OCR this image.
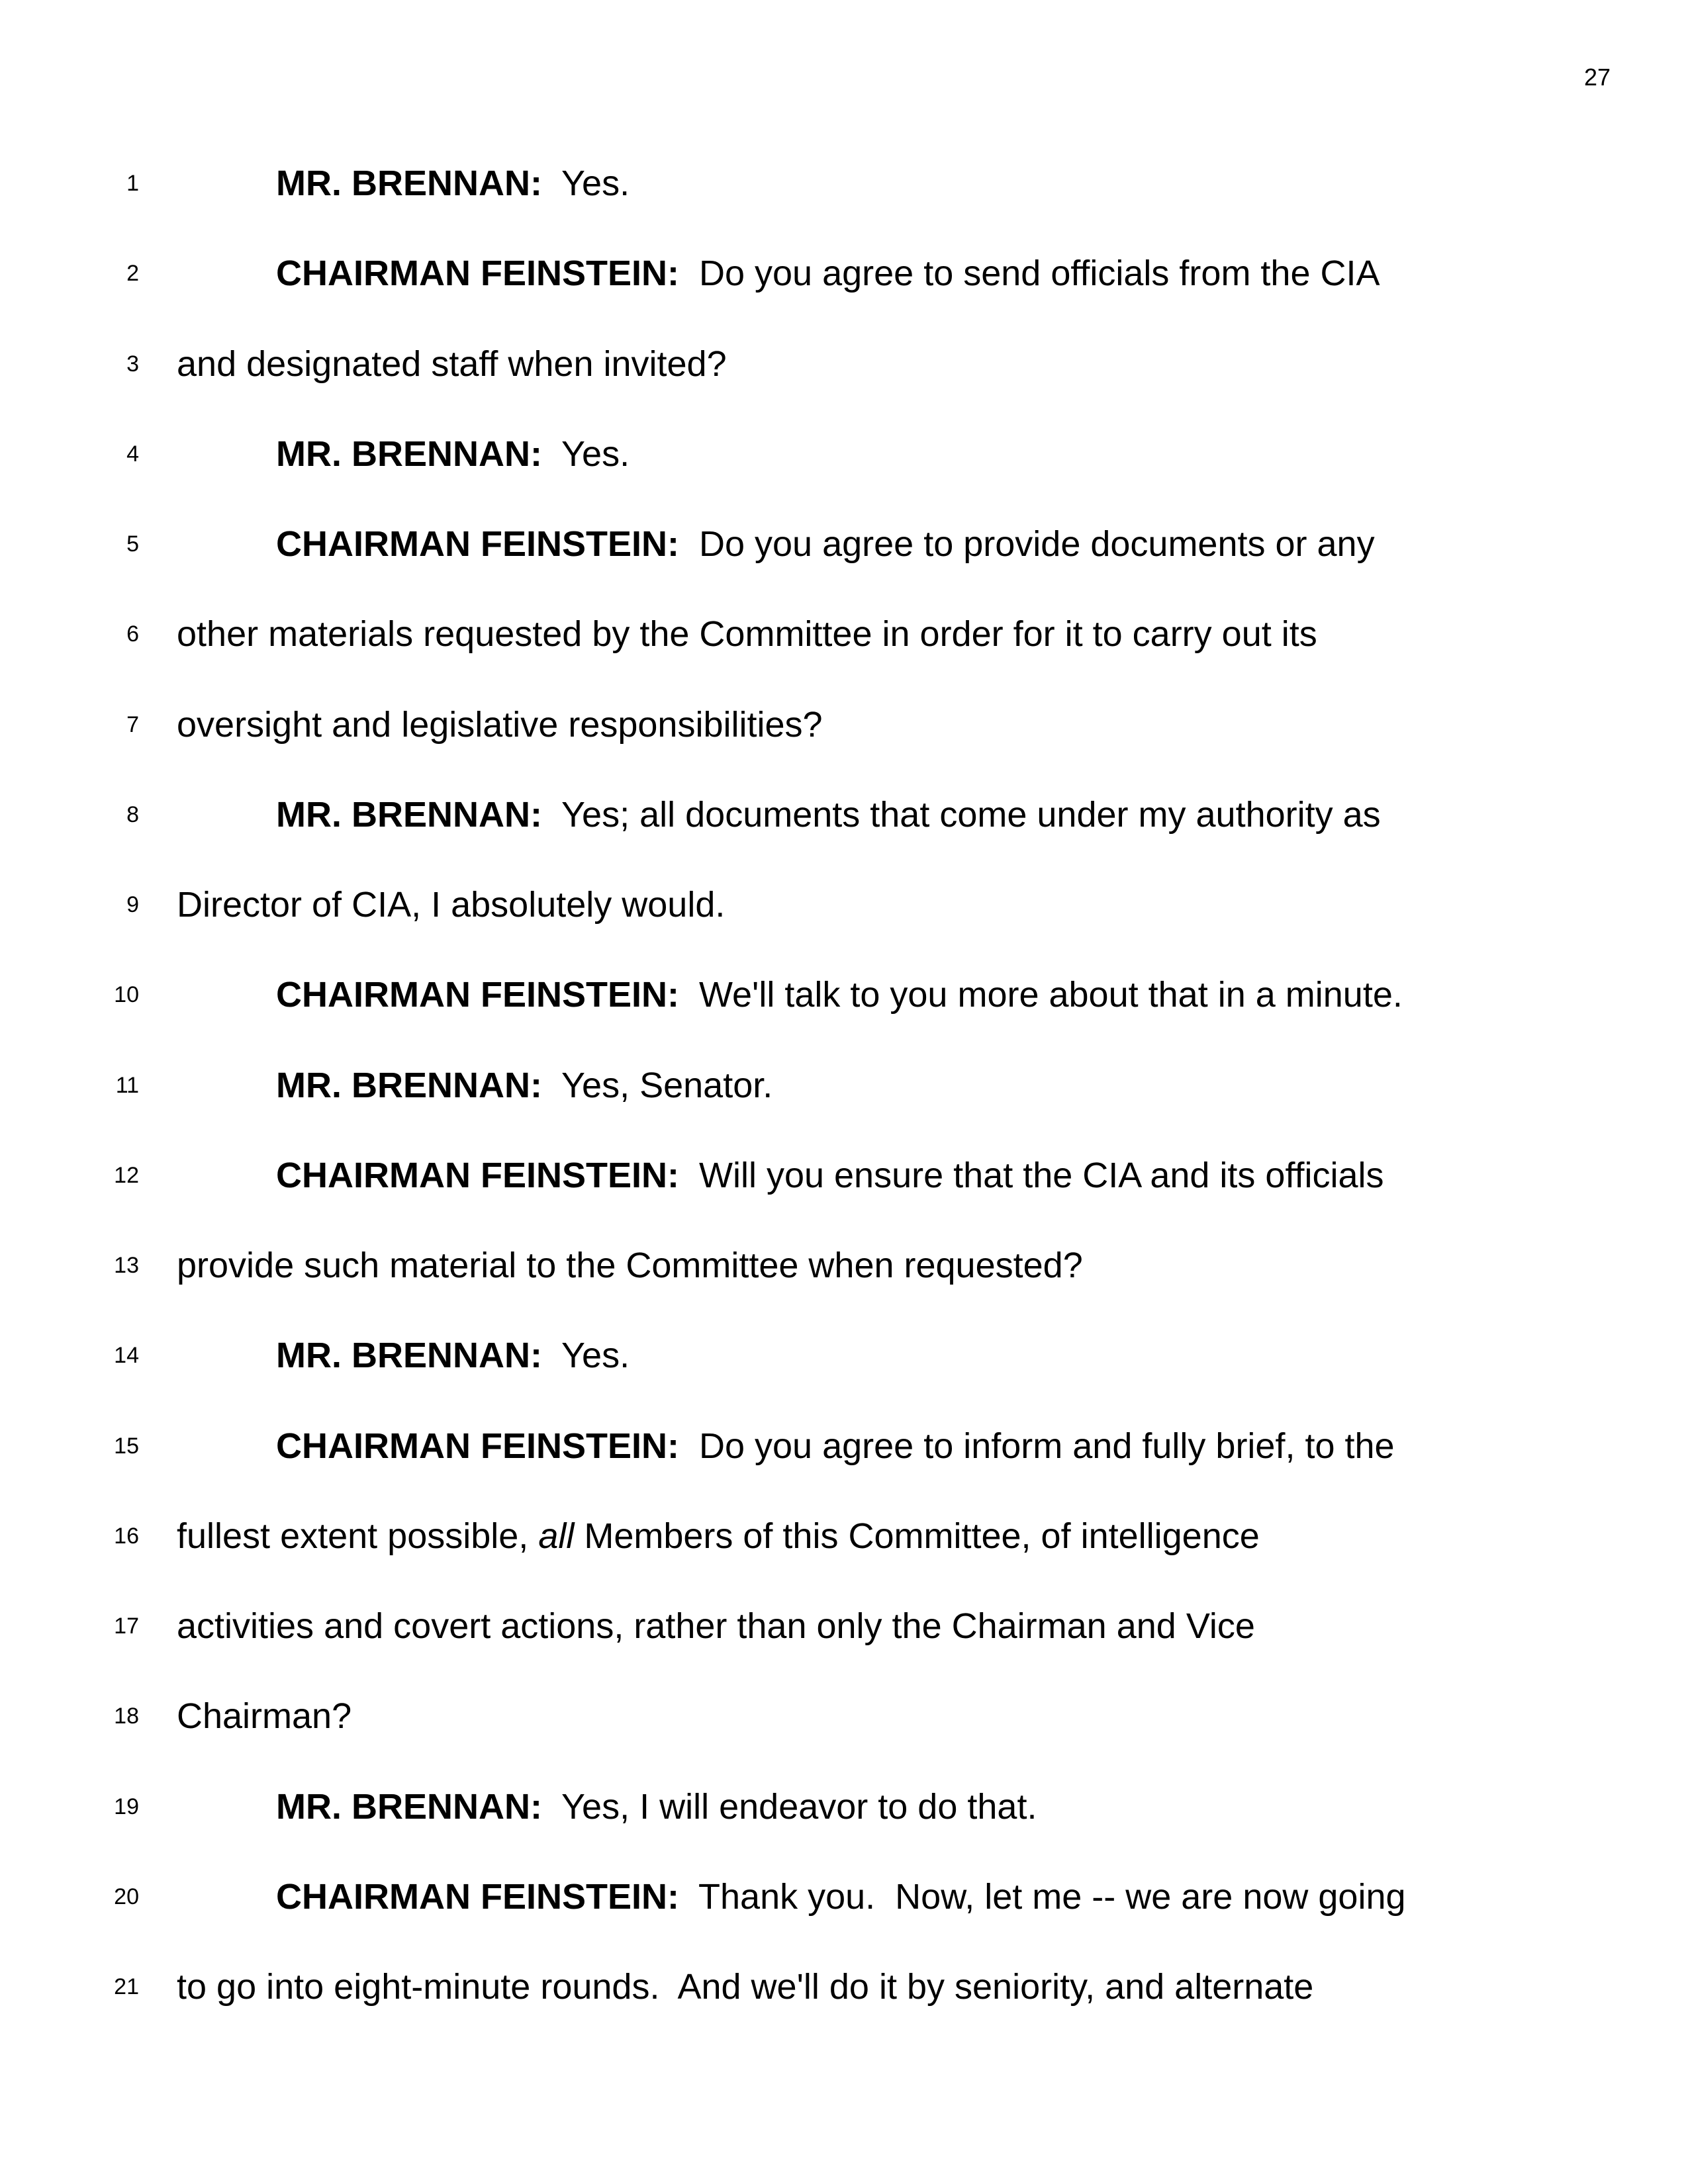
27
1	MR. BRENNAN:  Yes.
2	CHAIRMAN FEINSTEIN:  Do you agree to send officials from the CIA
3 and designated staff when invited?
4	MR. BRENNAN:  Yes.
5	CHAIRMAN FEINSTEIN:  Do you agree to provide documents or any
6 other materials requested by the Committee in order for it to carry out its
7 oversight and legislative responsibilities?
8	MR. BRENNAN:  Yes; all documents that come under my authority as
9 Director of CIA, I absolutely would.
10	CHAIRMAN FEINSTEIN:  We'll talk to you more about that in a minute.
11	MR. BRENNAN:  Yes, Senator.
12	CHAIRMAN FEINSTEIN:  Will you ensure that the CIA and its officials
13 provide such material to the Committee when requested?
14	MR. BRENNAN:  Yes.
15	CHAIRMAN FEINSTEIN:  Do you agree to inform and fully brief, to the
16 fullest extent possible, all Members of this Committee, of intelligence
17 activities and covert actions, rather than only the Chairman and Vice
18 Chairman?
19	MR. BRENNAN:  Yes, I will endeavor to do that.
20	CHAIRMAN FEINSTEIN:  Thank you.  Now, let me -- we are now going
21 to go into eight-minute rounds.  And we'll do it by seniority, and alternate
